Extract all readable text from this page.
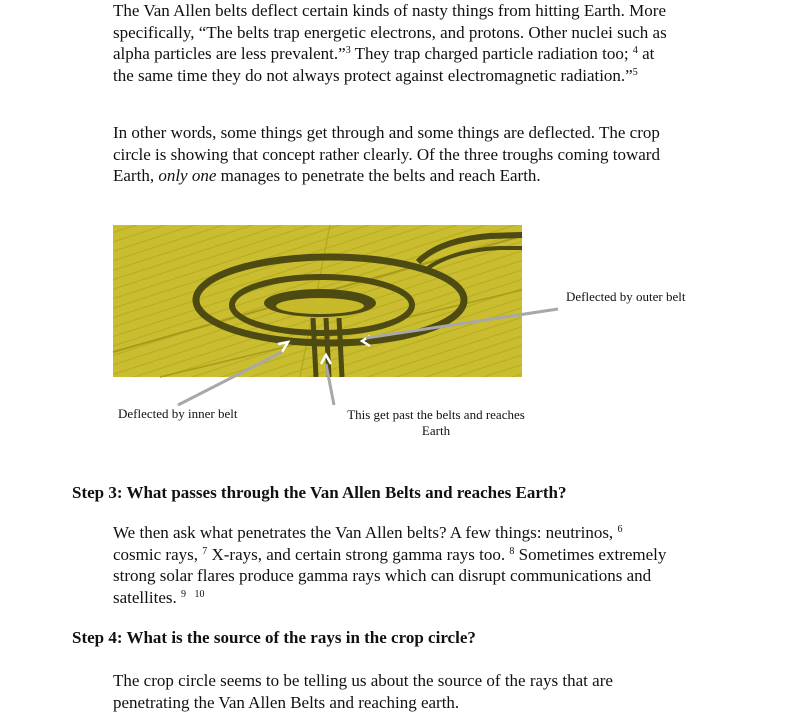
The Van Allen belts deflect certain kinds of nasty things from hitting Earth. More specifically, “The belts trap energetic electrons, and protons. Other nuclei such as alpha particles are less prevalent.”$^3$ They trap charged particle radiation too; $^4$ at the same time they do not always protect against electromagnetic radiation.”$^5$

In other words, some things get through and some things are deflected. The crop circle is showing that concept rather clearly. Of the three troughs coming toward Earth, only one manages to penetrate the belts and reach Earth.

Deflected by outer belt

Deflected by inner belt	This get past the belts and reaches Earth

Step 3: What passes through the Van Allen Belts and reaches Earth?

We then ask what penetrates the Van Allen belts? A few things: neutrinos, $^6$ cosmic rays, $^7$ X-rays, and certain strong gamma rays too. $^8$ Sometimes extremely strong solar flares produce gamma rays which can disrupt communications and satellites. $^9$ $^{10}$

Step 4: What is the source of the rays in the crop circle?

The crop circle seems to be telling us about the source of the rays that are penetrating the Van Allen Belts and reaching earth.
